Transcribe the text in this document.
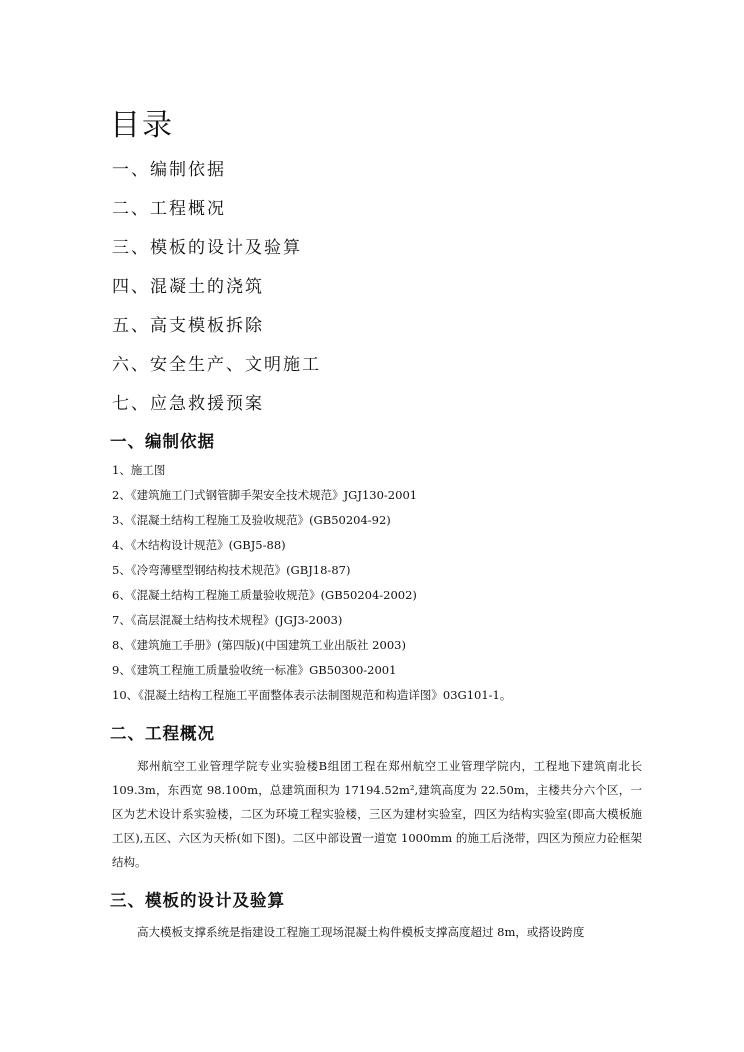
目录
一、编制依据
二、工程概况
三、模板的设计及验算
四、混凝土的浇筑
五、高支模板拆除
六、安全生产、文明施工
七、应急救援预案
一、编制依据
1、施工图
2、《建筑施工门式钢管脚手架安全技术规范》JGJ130-2001
3、《混凝土结构工程施工及验收规范》(GB50204-92)
4、《木结构设计规范》(GBJ5-88)
5、《冷弯薄壁型钢结构技术规范》(GBJ18-87)
6、《混凝土结构工程施工质量验收规范》(GB50204-2002)
7、《高层混凝土结构技术规程》(JGJ3-2003)
8、《建筑施工手册》(第四版)(中国建筑工业出版社 2003)
9、《建筑工程施工质量验收统一标准》GB50300-2001
10、《混凝土结构工程施工平面整体表示法制图规范和构造详图》03G101-1。
二、工程概况

郑州航空工业管理学院专业实验楼B组团工程在郑州航空工业管理学院内，工程地下建筑南北长 109.3m，东西宽 98.100m，总建筑面积为 17194.52m²,建筑高度为 22.50m，主楼共分六个区，一区为艺术设计系实验楼，二区为环境工程实验楼，三区为建材实验室，四区为结构实验室(即高大模板施工区),五区、六区为天桥(如下图)。二区中部设置一道宽 1000mm 的施工后浇带，四区为预应力砼框架结构。

三、模板的设计及验算

高大模板支撑系统是指建设工程施工现场混凝土构件模板支撑高度超过 8m，或搭设跨度
